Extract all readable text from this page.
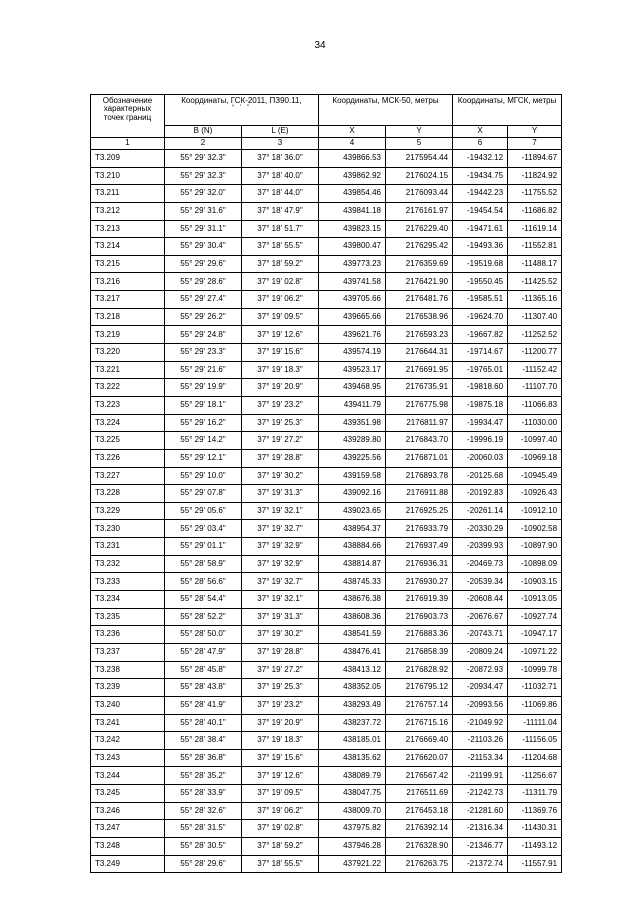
34
Обозначение характерных точек границ	Координаты, ГСК-2011, ПЗ90.11,
° ' "		Координаты, МСК-50, метры		Координаты, МГСК, метры	
	B (N)	L (E)	X	Y	X	Y
1	2	3	4	5	6	7
Т3.209	55° 29' 32.3"	37° 18' 36.0"	439866.53	2175954.44	-19432.12	-11894.67
Т3.210	55° 29' 32.3"	37° 18' 40.0"	439862.92	2176024.15	-19434.75	-11824.92
Т3.211	55° 29' 32.0"	37° 18' 44.0"	439854.46	2176093.44	-19442.23	-11755.52
Т3.212	55° 29' 31.6"	37° 18' 47.9"	439841.18	2176161.97	-19454.54	-11686.82
Т3.213	55° 29' 31.1"	37° 18' 51.7"	439823.15	2176229.40	-19471.61	-11619.14
Т3.214	55° 29' 30.4"	37° 18' 55.5"	439800.47	2176295.42	-19493.36	-11552.81
Т3.215	55° 29' 29.6"	37° 18' 59.2"	439773.23	2176359.69	-19519.68	-11488.17
Т3.216	55° 29' 28.6"	37° 19' 02.8"	439741.58	2176421.90	-19550.45	-11425.52
Т3.217	55° 29' 27.4"	37° 19' 06.2"	439705.66	2176481.76	-19585.51	-11365.16
Т3.218	55° 29' 26.2"	37° 19' 09.5"	439665.66	2176538.96	-19624.70	-11307.40
Т3.219	55° 29' 24.8"	37° 19' 12.6"	439621.76	2176593.23	-19667.82	-11252.52
Т3.220	55° 29' 23.3"	37° 19' 15.6"	439574.19	2176644.31	-19714.67	-11200.77
Т3.221	55° 29' 21.6"	37° 19' 18.3"	439523.17	2176691.95	-19765.01	-11152.42
Т3.222	55° 29' 19.9"	37° 19' 20.9"	439468.95	2176735.91	-19818.60	-11107.70
Т3.223	55° 29' 18.1"	37° 19' 23.2"	439411.79	2176775.98	-19875.18	-11066.83
Т3.224	55° 29' 16.2"	37° 19' 25.3"	439351.98	2176811.97	-19934.47	-11030.00
Т3.225	55° 29' 14.2"	37° 19' 27.2"	439289.80	2176843.70	-19996.19	-10997.40
Т3.226	55° 29' 12.1"	37° 19' 28.8"	439225.56	2176871.01	-20060.03	-10969.18
Т3.227	55° 29' 10.0"	37° 19' 30.2"	439159.58	2176893.78	-20125.68	-10945.49
Т3.228	55° 29' 07.8"	37° 19' 31.3"	439092.16	2176911.88	-20192.83	-10926.43
Т3.229	55° 29' 05.6"	37° 19' 32.1"	439023.65	2176925.25	-20261.14	-10912.10
Т3.230	55° 29' 03.4"	37° 19' 32.7"	438954.37	2176933.79	-20330.29	-10902.58
Т3.231	55° 29' 01.1"	37° 19' 32.9"	438884.66	2176937.49	-20399.93	-10897.90
Т3.232	55° 28' 58.9"	37° 19' 32.9"	438814.87	2176936.31	-20469.73	-10898.09
Т3.233	55° 28' 56.6"	37° 19' 32.7"	438745.33	2176930.27	-20539.34	-10903.15
Т3.234	55° 28' 54.4"	37° 19' 32.1"	438676.38	2176919.39	-20608.44	-10913.05
Т3.235	55° 28' 52.2"	37° 19' 31.3"	438608.36	2176903.73	-20676.67	-10927.74
Т3.236	55° 28' 50.0"	37° 19' 30.2"	438541.59	2176883.36	-20743.71	-10947.17
Т3.237	55° 28' 47.9"	37° 19' 28.8"	438476.41	2176858.39	-20809.24	-10971.22
Т3.238	55° 28' 45.8"	37° 19' 27.2"	438413.12	2176828.92	-20872.93	-10999.78
Т3.239	55° 28' 43.8"	37° 19' 25.3"	438352.05	2176795.12	-20934.47	-11032.71
Т3.240	55° 28' 41.9"	37° 19' 23.2"	438293.49	2176757.14	-20993.56	-11069.86
Т3.241	55° 28' 40.1"	37° 19' 20.9"	438237.72	2176715.16	-21049.92	-11111.04
Т3.242	55° 28' 38.4"	37° 19' 18.3"	438185.01	2176669.40	-21103.26	-11156.05
Т3.243	55° 28' 36.8"	37° 19' 15.6"	438135.62	2176620.07	-21153.34	-11204.68
Т3.244	55° 28' 35.2"	37° 19' 12.6"	438089.79	2176567.42	-21199.91	-11256.67
Т3.245	55° 28' 33.9"	37° 19' 09.5"	438047.75	2176511.69	-21242.73	-11311.79
Т3.246	55° 28' 32.6"	37° 19' 06.2"	438009.70	2176453.18	-21281.60	-11369.76
Т3.247	55° 28' 31.5"	37° 19' 02.8"	437975.82	2176392.14	-21316.34	-11430.31
Т3.248	55° 28' 30.5"	37° 18' 59.2"	437946.28	2176328.90	-21346.77	-11493.12
Т3.249	55° 28' 29.6"	37° 18' 55.5"	437921.22	2176263.75	-21372.74	-11557.91
